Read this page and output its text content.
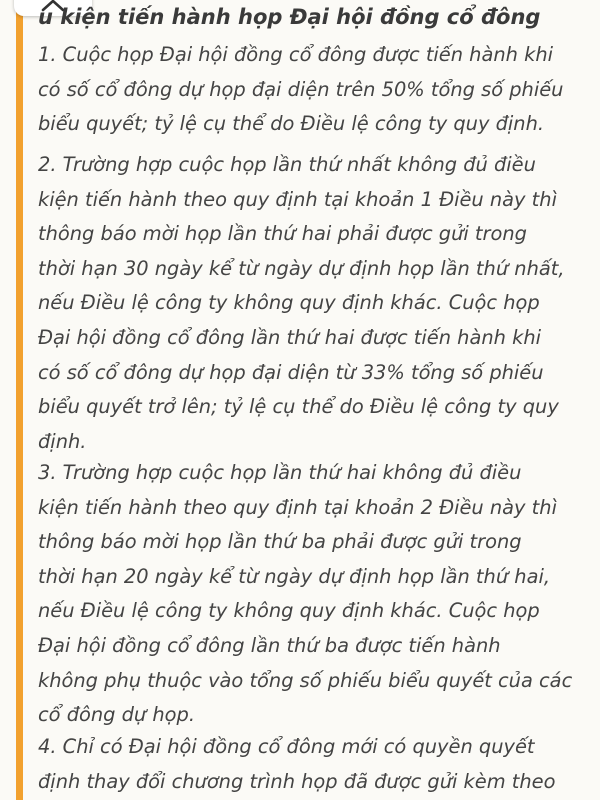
u kiện tiến hành họp Đại hội đồng cổ đông
1. Cuộc họp Đại hội đồng cổ đông được tiến hành khi
có số cổ đông dự họp đại diện trên 50% tổng số phiếu
biểu quyết; tỷ lệ cụ thể do Điều lệ công ty quy định.
2. Trường hợp cuộc họp lần thứ nhất không đủ điều
kiện tiến hành theo quy định tại khoản 1 Điều này thì
thông báo mời họp lần thứ hai phải được gửi trong
thời hạn 30 ngày kể từ ngày dự định họp lần thứ nhất,
nếu Điều lệ công ty không quy định khác. Cuộc họp
Đại hội đồng cổ đông lần thứ hai được tiến hành khi
có số cổ đông dự họp đại diện từ 33% tổng số phiếu
biểu quyết trở lên; tỷ lệ cụ thể do Điều lệ công ty quy
định.
3. Trường hợp cuộc họp lần thứ hai không đủ điều
kiện tiến hành theo quy định tại khoản 2 Điều này thì
thông báo mời họp lần thứ ba phải được gửi trong
thời hạn 20 ngày kể từ ngày dự định họp lần thứ hai,
nếu Điều lệ công ty không quy định khác. Cuộc họp
Đại hội đồng cổ đông lần thứ ba được tiến hành
không phụ thuộc vào tổng số phiếu biểu quyết của các
cổ đông dự họp.
4. Chỉ có Đại hội đồng cổ đông mới có quyền quyết
định thay đổi chương trình họp đã được gửi kèm theo
